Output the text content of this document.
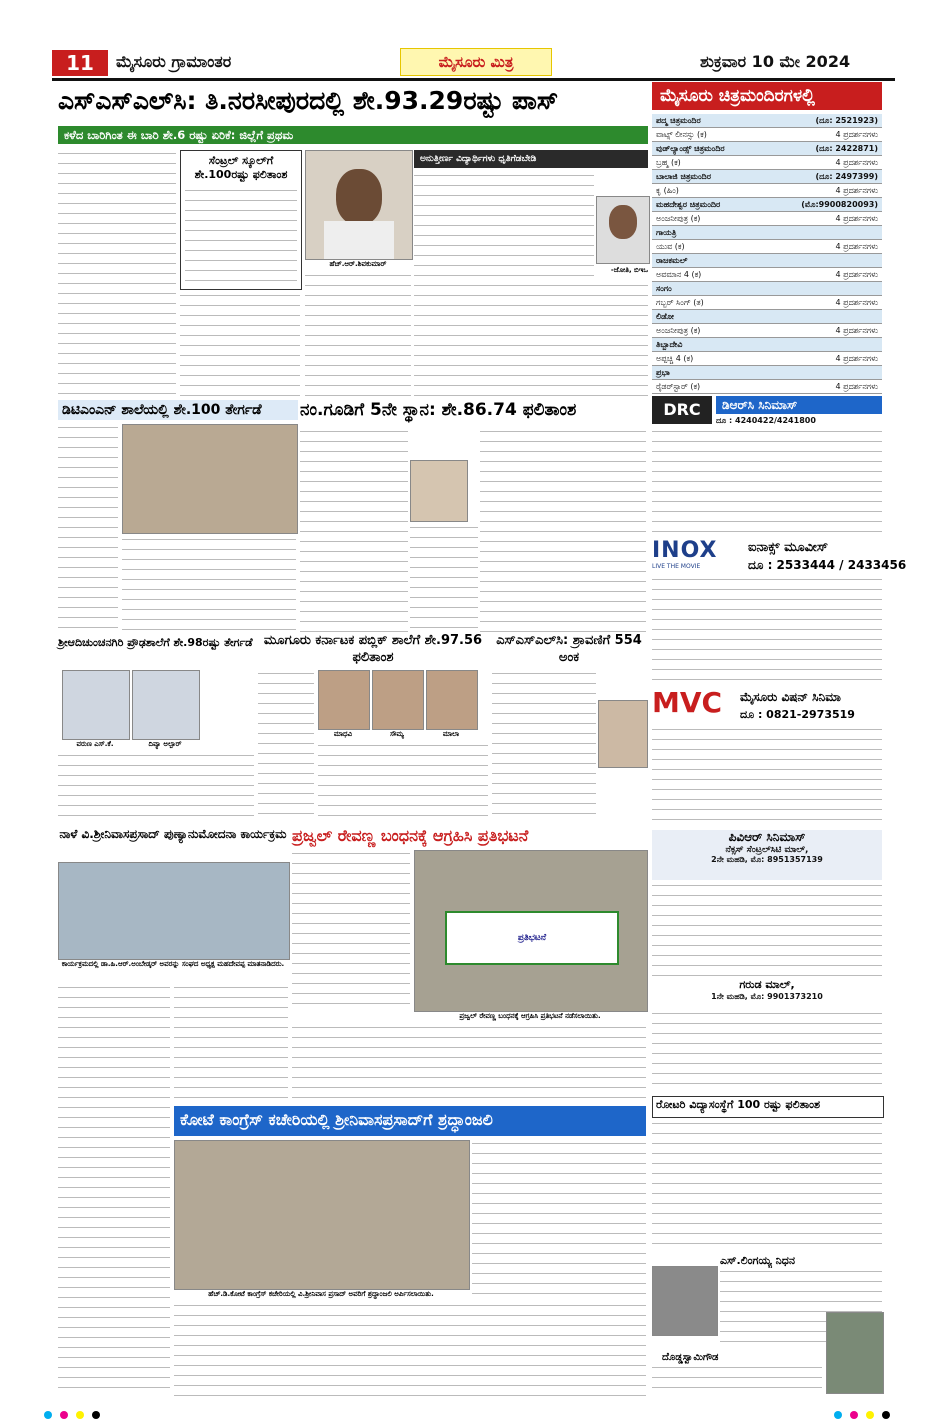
11	ಮೈಸೂರು ಗ್ರಾಮಾಂತರ	ಮೈಸೂರು ಮಿತ್ರ	ಶುಕ್ರವಾರ 10 ಮೇ 2024
ಎಸ್‌ಎಸ್‌ಎಲ್‌ಸಿ: ತಿ.ನರಸೀಪುರದಲ್ಲಿ ಶೇ.93.29ರಷ್ಟು ಪಾಸ್
ಕಳೆದ ಬಾರಿಗಿಂತ ಈ ಬಾರಿ ಶೇ.6 ರಷ್ಟು ಏರಿಕೆ: ಜಿಲ್ಲೆಗೆ ಪ್ರಥಮ
ಸೆಂಟ್ರಲ್ ಸ್ಕೂಲ್‌ಗೆ ಶೇ.100ರಷ್ಟು ಫಲಿತಾಂಶ
ಹೆಚ್.ಆರ್.ಶಿವಕುಮಾರ್
ಅನುತ್ತೀರ್ಣ ವಿದ್ಯಾರ್ಥಿಗಳು ಧೃತಿಗೆಡಬೇಡಿ
-ಜೋತಿ, ಬಿಇಒ
ಮೈಸೂರು ಚಿತ್ರಮಂದಿರಗಳಲ್ಲಿ
ಪದ್ಮ ಚಿತ್ರಮಂದಿರ	(ದೂ: 2521923)
ವಾಟ್ಸ್‌ ಲೀನಸ್ಸು (ಕ)	4 ಪ್ರದರ್ಶನಗಳು
ವುಡ್‌ಲ್ಯಾಂಡ್ಸ್ ಚಿತ್ರಮಂದಿರ	(ದೂ: 2422871)
ಬ್ರಹ್ಮ (ಕ)	4 ಪ್ರದರ್ಶನಗಳು
ಬಾಲಾಜಿ ಚಿತ್ರಮಂದಿರ	(ದೂ: 2497399)
ಕೃ (ಹಿಂ)	4 ಪ್ರದರ್ಶನಗಳು
ಮಹದೇಶ್ವರ ಚಿತ್ರಮಂದಿರ	(ಮೊ:9900820093)
ಅಂಜನೀಪುತ್ರ (ಕ)	4 ಪ್ರದರ್ಶನಗಳು
ಗಾಯತ್ರಿ
ಯುವ (ಕ)	4 ಪ್ರದರ್ಶನಗಳು
ರಾಜಕಮಲ್
ಅವಮಾನ 4 (ಕ)	4 ಪ್ರದರ್ಶನಗಳು
ಸಂಗಂ
ಗಬ್ಬರ್ ಸಿಂಗ್ (ತ)	4 ಪ್ರದರ್ಶನಗಳು
ಲಿಡೋ
ಅಂಜನೀಪುತ್ರ (ಕ)	4 ಪ್ರದರ್ಶನಗಳು
ತಿಬ್ಬಾದೇವಿ
ಅಪ್ಪಚ್ಚಿ 4 (ಕ)	4 ಪ್ರದರ್ಶನಗಳು
ಪ್ರಭಾ
ರೈಡರ್‌ಸ್ಟಾರ್ (ಕ)	4 ಪ್ರದರ್ಶನಗಳು
DRC	ಡಿಆರ್‌ಸಿ ಸಿನಿಮಾಸ್
ದೂ : 4240422/4241800
INOX
LIVE THE MOVIE
ಐನಾಕ್ಸ್ ಮೂವೀಸ್
ದೂ : 2533444 / 2433456
MVC	ಮೈಸೂರು ವಿಷನ್ ಸಿನಿಮಾ
ದೂ : 0821-2973519
ಪಿವಿಆರ್ ಸಿನಿಮಾಸ್
ನೆಕ್ಸಸ್ ಸೆಂಟ್ರಲ್‌ಸಿಟಿ ಮಾಲ್,
2ನೇ ಮಹಡಿ, ಮೊ: 8951357139
ಗರುಡ ಮಾಲ್,
1ನೇ ಮಹಡಿ, ಮೊ: 9901373210
ಡಿಟಿಎಂಎನ್ ಶಾಲೆಯಲ್ಲಿ ಶೇ.100 ತೇರ್ಗಡೆ ನಂ.ಗೂಡಿಗೆ 5ನೇ ಸ್ಥಾನ: ಶೇ.86.74 ಫಲಿತಾಂಶ
ಶ್ರೀಆದಿಚುಂಚನಗಿರಿ ಪ್ರೌಢಶಾಲೆಗೆ ಶೇ.98ರಷ್ಟು ತೇರ್ಗಡೆ
ವರುಣ ಎಸ್.ಕೆ.	ದಿವ್ಯಾ ಅಲ್ಪಾರ್
ಮೂಗೂರು ಕರ್ನಾಟಕ ಪಬ್ಲಿಕ್ ಶಾಲೆಗೆ ಶೇ.97.56 ಫಲಿತಾಂಶ
ಮಾಧವಿ	ಸೌಮ್ಯ	ಮಾಲಾ
ಎಸ್‌ಎಸ್‌ಎಲ್‌ಸಿ: ಶ್ರಾವಣಿಗೆ 554 ಅಂಕ
ನಾಳೆ ವಿ.ಶ್ರೀನಿವಾಸಪ್ರಸಾದ್ ಪುಣ್ಯಾನುಮೋದನಾ ಕಾರ್ಯಕ್ರಮ
ಕಾರ್ಯಕ್ರಮದಲ್ಲಿ ಡಾ.ಹಿ.ಆರ್.ಅಂಬೇಡ್ಕರ್ ಅವರನ್ನು ಸಂಘದ ಅಧ್ಯಕ್ಷ ಮಹದೇವಪ್ಪ ಮಾತನಾಡಿದರು.
ಪ್ರಜ್ವಲ್ ರೇವಣ್ಣ ಬಂಧನಕ್ಕೆ ಆಗ್ರಹಿಸಿ ಪ್ರತಿಭಟನೆ
ಪ್ರತಿಭಟನೆ
ಪ್ರಜ್ವಲ್ ರೇವಣ್ಣ ಬಂಧನಕ್ಕೆ ಆಗ್ರಹಿಸಿ ಪ್ರತಿಭಟನೆ ನಡೆಸಲಾಯಿತು.
ಕೋಟೆ ಕಾಂಗ್ರೆಸ್ ಕಚೇರಿಯಲ್ಲಿ ಶ್ರೀನಿವಾಸಪ್ರಸಾದ್‌ಗೆ ಶ್ರದ್ಧಾಂಜಲಿ
ಹೆಚ್.ಡಿ.ಕೋಟೆ ಕಾಂಗ್ರೆಸ್ ಕಚೇರಿಯಲ್ಲಿ ವಿ.ಶ್ರೀನಿವಾಸ ಪ್ರಸಾದ್ ಅವರಿಗೆ ಶ್ರದ್ಧಾಂಜಲಿ ಅರ್ಪಿಸಲಾಯಿತು.
ರೋಟರಿ ವಿದ್ಯಾಸಂಸ್ಥೆಗೆ 100 ರಷ್ಟು ಫಲಿತಾಂಶ
ಎಸ್.ಲಿಂಗಯ್ಯ ನಿಧನ
ದೊಡ್ಡಸ್ವಾಮಿಗೌಡ
